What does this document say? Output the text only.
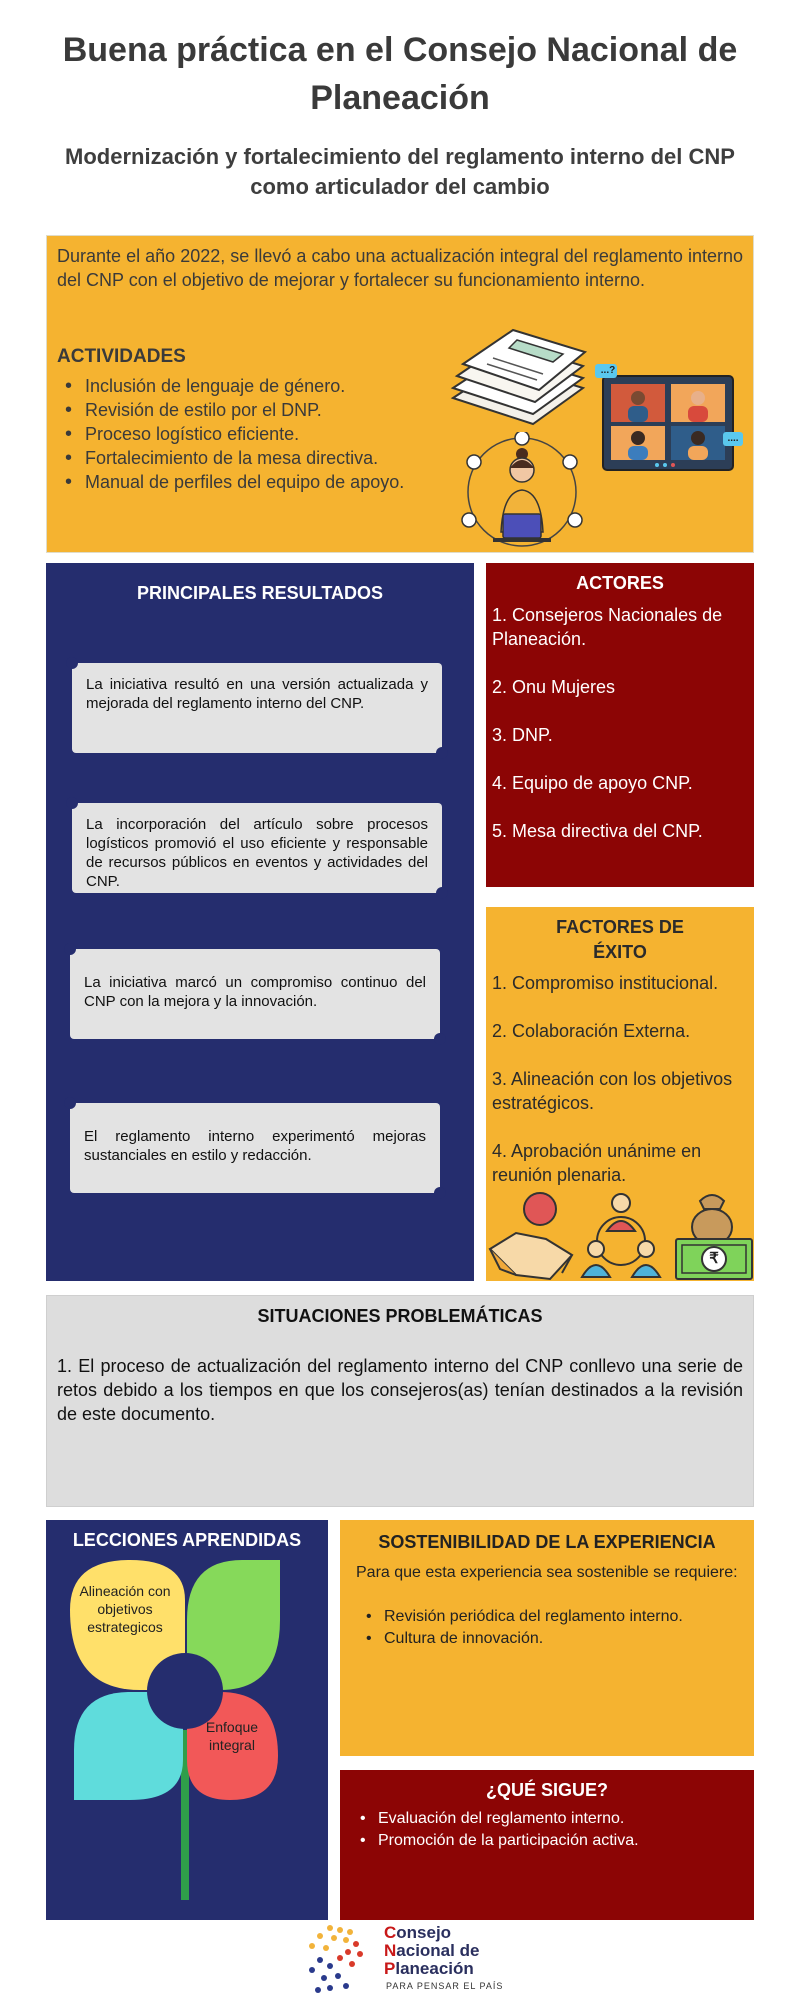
Buena práctica en el Consejo Nacional de Planeación
Modernización y fortalecimiento del reglamento interno del CNP como articulador del cambio

Durante el año 2022, se llevó a cabo una actualización integral del reglamento interno del CNP con el objetivo de mejorar y fortalecer su funcionamiento interno.

ACTIVIDADES
• Inclusión de lenguaje de género.
• Revisión de estilo por el DNP.
• Proceso logístico eficiente.
• Fortalecimiento de la mesa directiva.
• Manual de perfiles del equipo de apoyo.
...?
....
PRINCIPALES RESULTADOS
La iniciativa resultó en una versión actualizada y mejorada del reglamento interno del CNP.
La incorporación del artículo sobre procesos logísticos promovió el uso eficiente y responsable de recursos públicos en eventos y actividades del CNP.
La iniciativa marcó un compromiso continuo del CNP con la mejora y la innovación.
El reglamento interno experimentó mejoras sustanciales en estilo y redacción.
ACTORES
1. Consejeros Nacionales de Planeación.
2. Onu Mujeres
3. DNP.
4. Equipo de apoyo CNP.
5. Mesa directiva del CNP.
FACTORES DE
ÉXITO
1. Compromiso institucional.
2. Colaboración Externa.
3. Alineación con los objetivos estratégicos.
4. Aprobación unánime en reunión plenaria.
₹
SITUACIONES PROBLEMÁTICAS

1. El proceso de actualización del reglamento interno del CNP conllevo una serie de retos debido a los tiempos en que los consejeros(as) tenían destinados a la revisión de este documento.

LECCIONES APRENDIDAS
Alineación con objetivos estrategicos
Enfoque integral
SOSTENIBILIDAD DE LA EXPERIENCIA

Para que esta experiencia sea sostenible se requiere:

• Revisión periódica del reglamento interno.
• Cultura de innovación.
¿QUÉ SIGUE?
• Evaluación del reglamento interno.
• Promoción de la participación activa.
Consejo
Nacional de
Planeación
PARA PENSAR EL PAÍS
